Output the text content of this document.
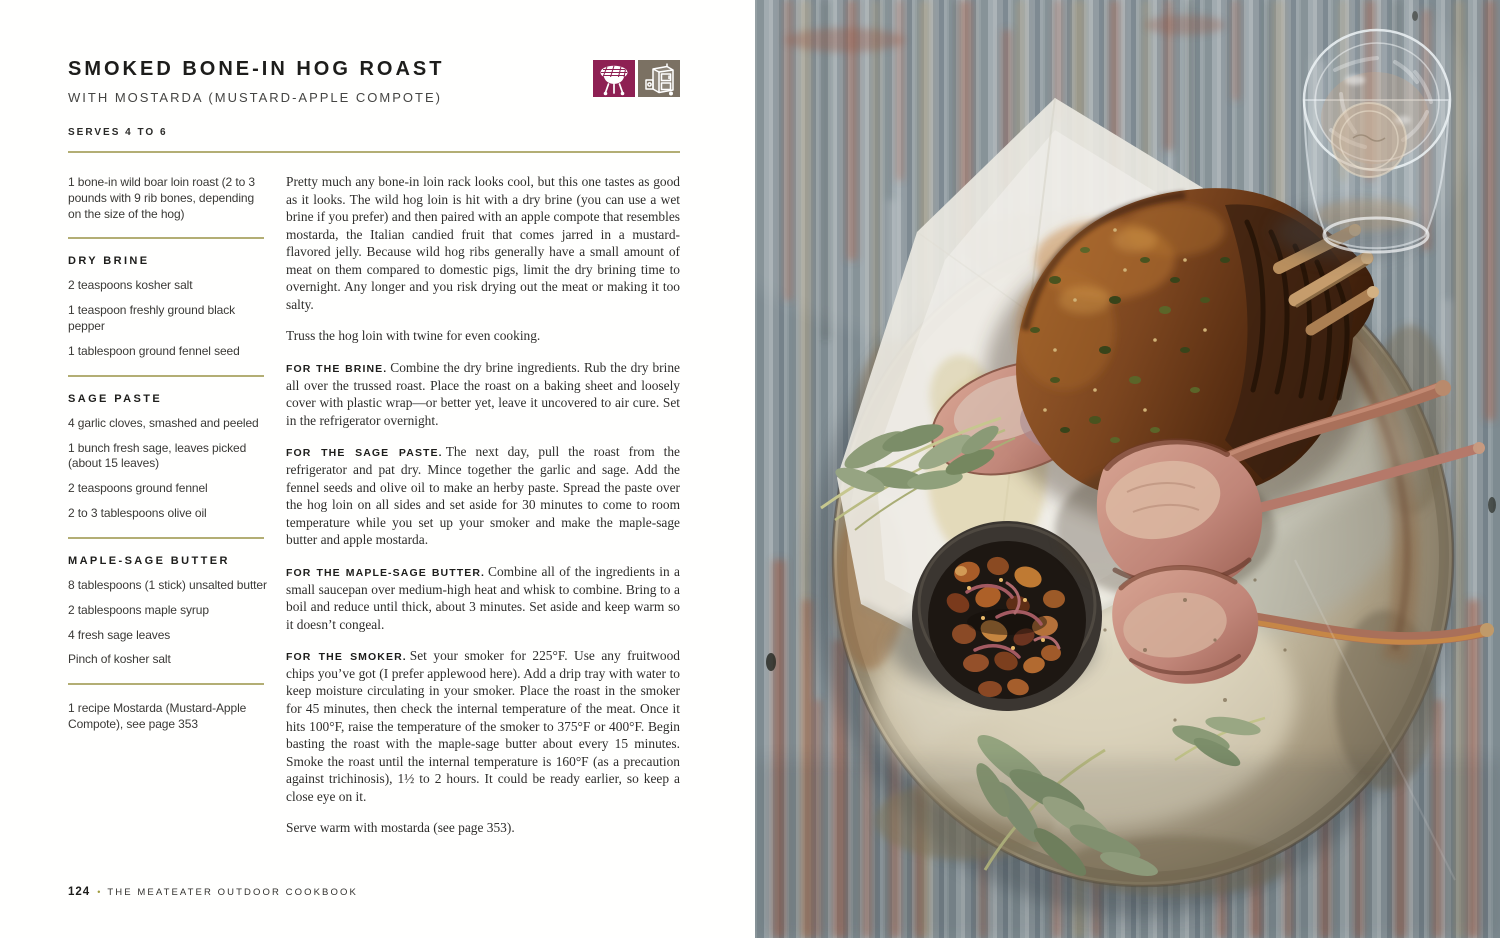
SMOKED BONE-IN HOG ROAST
WITH MOSTARDA (MUSTARD-APPLE COMPOTE)
SERVES 4 TO 6

1 bone-in wild boar loin roast (2 to 3 pounds with 9 rib bones, depending on the size of the hog)

DRY BRINE

2 teaspoons kosher salt

1 teaspoon freshly ground black pepper

1 tablespoon ground fennel seed

SAGE PASTE

4 garlic cloves, smashed and peeled

1 bunch fresh sage, leaves picked (about 15 leaves)

2 teaspoons ground fennel

2 to 3 tablespoons olive oil

MAPLE-SAGE BUTTER

8 tablespoons (1 stick) unsalted butter

2 tablespoons maple syrup

4 fresh sage leaves

Pinch of kosher salt

1 recipe Mostarda (Mustard-Apple Compote), see page 353

Pretty much any bone-in loin rack looks cool, but this one tastes as good as it looks. The wild hog loin is hit with a dry brine (you can use a wet brine if you prefer) and then paired with an apple compote that resembles mostarda, the Italian candied fruit that comes jarred in a mustard-flavored jelly. Because wild hog ribs generally have a small amount of meat on them compared to domestic pigs, limit the dry brining time to overnight. Any longer and you risk drying out the meat or making it too salty.

Truss the hog loin with twine for even cooking.

FOR THE BRINE. Combine the dry brine ingredients. Rub the dry brine all over the trussed roast. Place the roast on a baking sheet and loosely cover with plastic wrap—or better yet, leave it uncovered to air cure. Set in the refrigerator overnight.

FOR THE SAGE PASTE. The next day, pull the roast from the refrigerator and pat dry. Mince together the garlic and sage. Add the fennel seeds and olive oil to make an herby paste. Spread the paste over the hog loin on all sides and set aside for 30 minutes to come to room temperature while you set up your smoker and make the maple-sage butter and apple mostarda.

FOR THE MAPLE-SAGE BUTTER. Combine all of the ingredients in a small saucepan over medium-high heat and whisk to combine. Bring to a boil and reduce until thick, about 3 minutes. Set aside and keep warm so it doesn’t congeal.

FOR THE SMOKER. Set your smoker for 225°F. Use any fruitwood chips you’ve got (I prefer applewood here). Add a drip tray with water to keep moisture circulating in your smoker. Place the roast in the smoker for 45 minutes, then check the internal temperature of the meat. Once it hits 100°F, raise the temperature of the smoker to 375°F or 400°F. Begin basting the roast with the maple-sage butter about every 15 minutes. Smoke the roast until the internal temperature is 160°F (as a precaution against trichinosis), 1½ to 2 hours. It could be ready earlier, so keep a close eye on it.

Serve warm with mostarda (see page 353).

124 • THE MEATEATER OUTDOOR COOKBOOK
